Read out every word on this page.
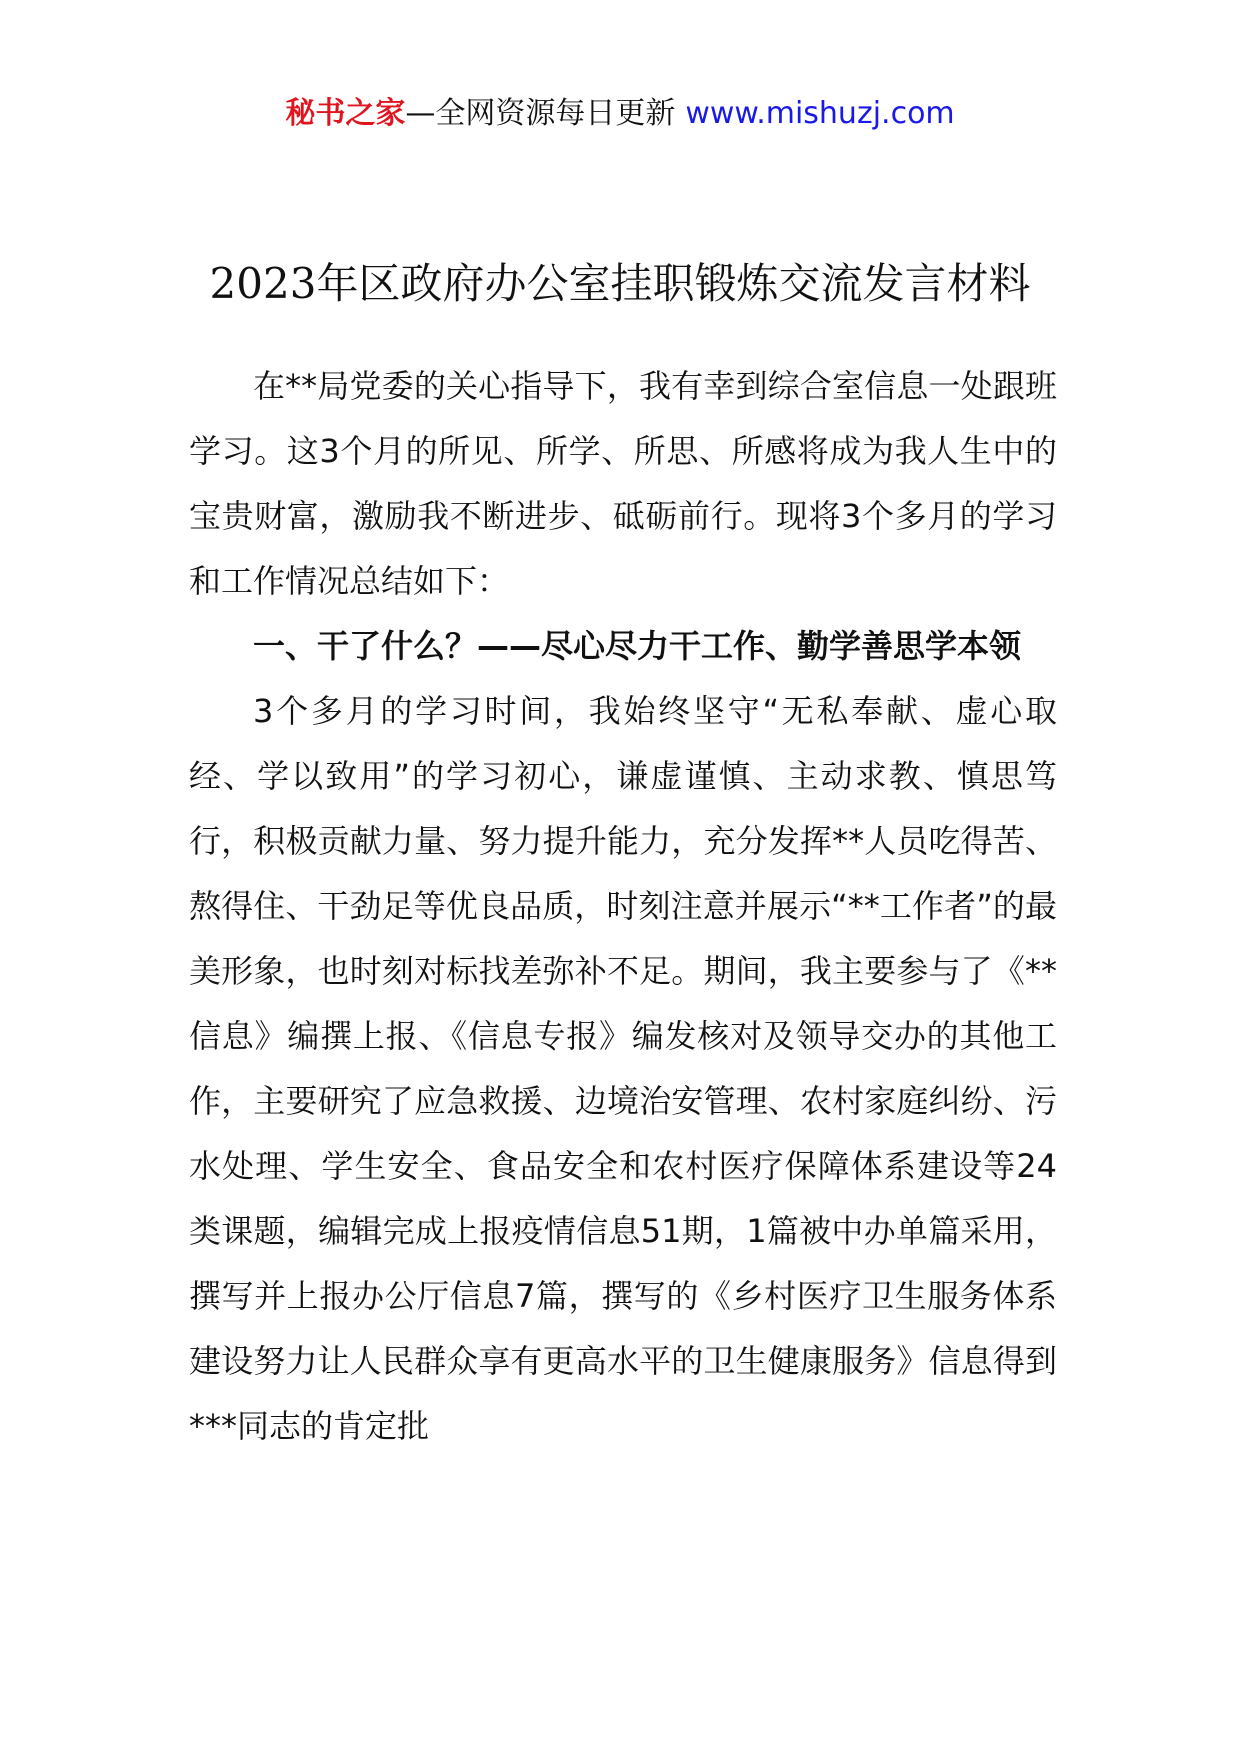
秘书之家—全网资源每日更新 www.mishuzj.com
2023年区政府办公室挂职锻炼交流发言材料

在**局党委的关心指导下，我有幸到综合室信息一处跟班学习。这3个月的所见、所学、所思、所感将成为我人生中的宝贵财富，激励我不断进步、砥砺前行。现将3个多月的学习和工作情况总结如下：

一、干了什么？——尽心尽力干工作、勤学善思学本领

3个多月的学习时间，我始终坚守“无私奉献、虚心取经、学以致用”的学习初心，谦虚谨慎、主动求教、慎思笃行，积极贡献力量、努力提升能力，充分发挥**人员吃得苦、熬得住、干劲足等优良品质，时刻注意并展示“**工作者”的最美形象，也时刻对标找差弥补不足。期间，我主要参与了《**信息》编撰上报、《信息专报》编发核对及领导交办的其他工作，主要研究了应急救援、边境治安管理、农村家庭纠纷、污水处理、学生安全、食品安全和农村医疗保障体系建设等24类课题，编辑完成上报疫情信息51期，1篇被中办单篇采用，撰写并上报办公厅信息7篇，撰写的《乡村医疗卫生服务体系建设努力让人民群众享有更高水平的卫生健康服务》信息得到***同志的肯定批
